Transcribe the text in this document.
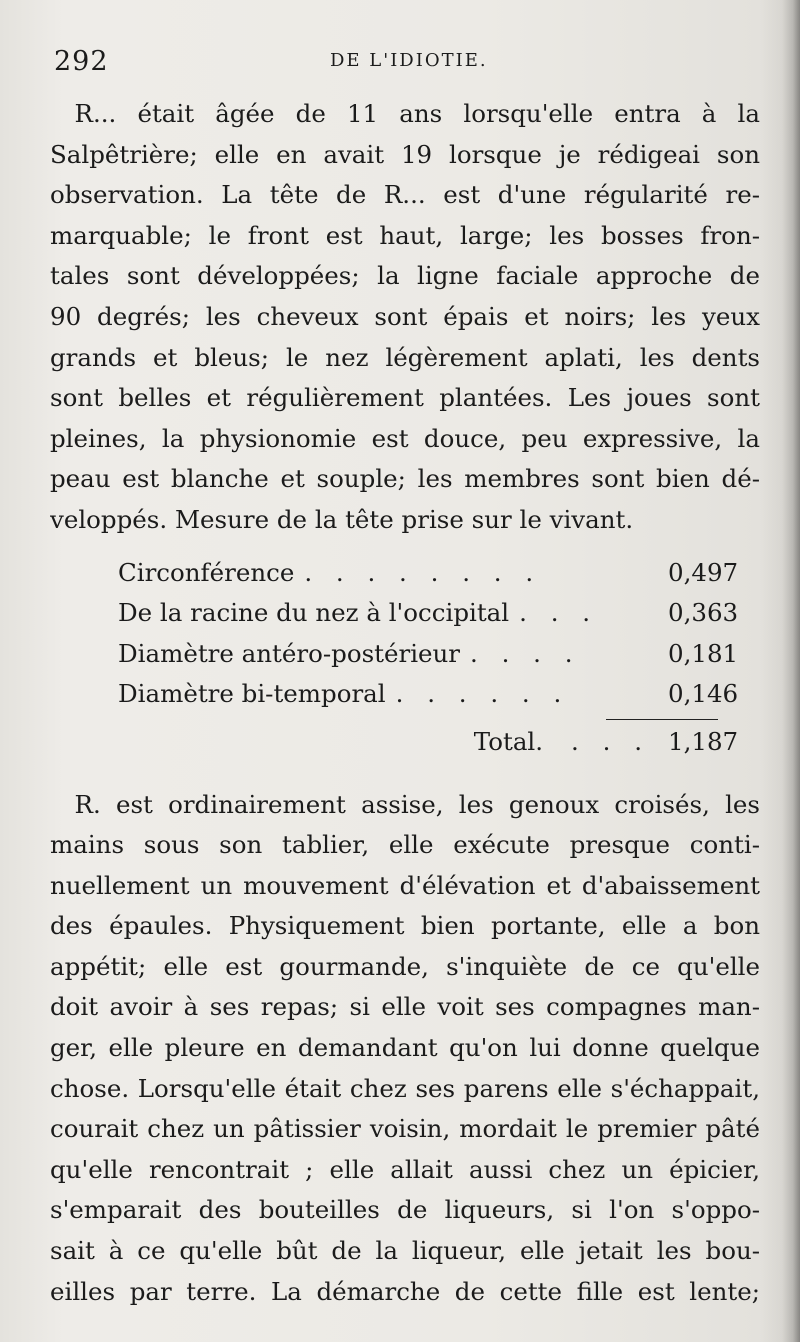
292	DE L'IDIOTIE.

 R... était âgée de 11 ans lorsqu'elle entra à la
Salpêtrière; elle en avait 19 lorsque je rédigeai son
observation. La tête de R... est d'une régularité re-
marquable; le front est haut, large; les bosses fron-
tales sont développées; la ligne faciale approche de
90 degrés; les cheveux sont épais et noirs; les yeux
grands et bleus; le nez légèrement aplati, les dents
sont belles et régulièrement plantées. Les joues sont
pleines, la physionomie est douce, peu expressive, la
peau est blanche et souple; les membres sont bien dé-
veloppés. Mesure de la tête prise sur le vivant.

Circonférence . . . . . . . .	0,497
De la racine du nez à l'occipital . . .	0,363
Diamètre antéro-postérieur . . . .	0,181
Diamètre bi-temporal . . . . . .	0,146
Total.	. . . 1,187

 R. est ordinairement assise, les genoux croisés, les
mains sous son tablier, elle exécute presque conti-
nuellement un mouvement d'élévation et d'abaissement
des épaules. Physiquement bien portante, elle a bon
appétit; elle est gourmande, s'inquiète de ce qu'elle
doit avoir à ses repas; si elle voit ses compagnes man-
ger, elle pleure en demandant qu'on lui donne quelque
chose. Lorsqu'elle était chez ses parens elle s'échappait,
courait chez un pâtissier voisin, mordait le premier pâté
qu'elle rencontrait ; elle allait aussi chez un épicier,
s'emparait des bouteilles de liqueurs, si l'on s'oppo-
sait à ce qu'elle bût de la liqueur, elle jetait les bou-
eilles par terre. La démarche de cette fille est lente;
